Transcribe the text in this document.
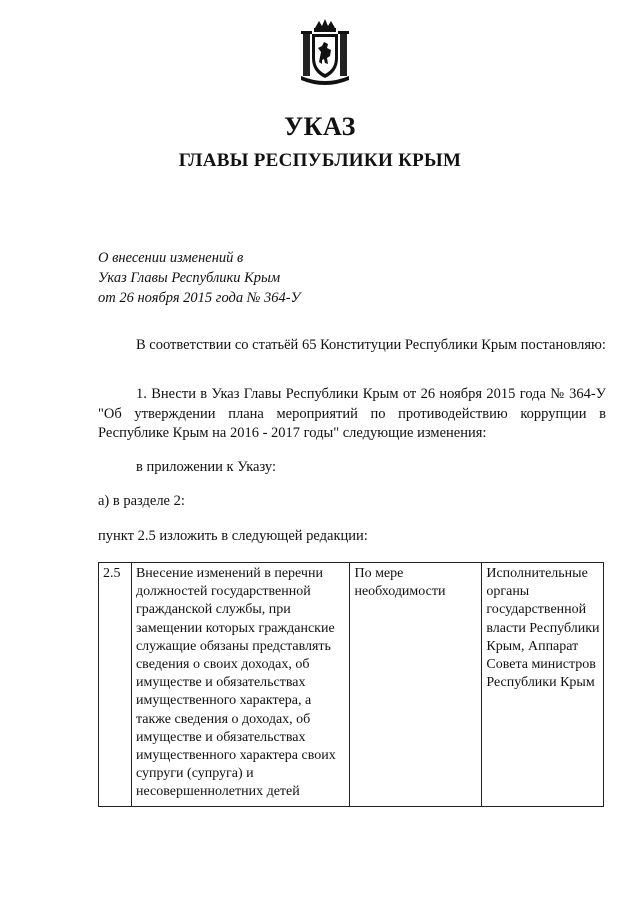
УКАЗ
ГЛАВЫ РЕСПУБЛИКИ КРЫМ
О внесении изменений в
Указ Главы Республики Крым
от 26 ноября 2015 года № 364-У
В соответствии со статьёй 65 Конституции Республики Крым постановляю:
1. Внести в Указ Главы Республики Крым от 26 ноября 2015 года № 364-У "Об утверждении плана мероприятий по противодействию коррупции в Республике Крым на 2016 - 2017 годы" следующие изменения:
в приложении к Указу:
а) в разделе 2:
пункт 2.5 изложить в следующей редакции:
2.5	Внесение изменений в перечни должностей государственной гражданской службы, при замещении которых гражданские служащие обязаны представлять сведения о своих доходах, об имуществе и обязательствах имущественного характера, а также сведения о доходах, об имуществе и обязательствах имущественного характера своих супруги (супруга) и несовершеннолетних детей	По мере необходимости	Исполнительные органы государственной власти Республики Крым, Аппарат Совета министров Республики Крым
